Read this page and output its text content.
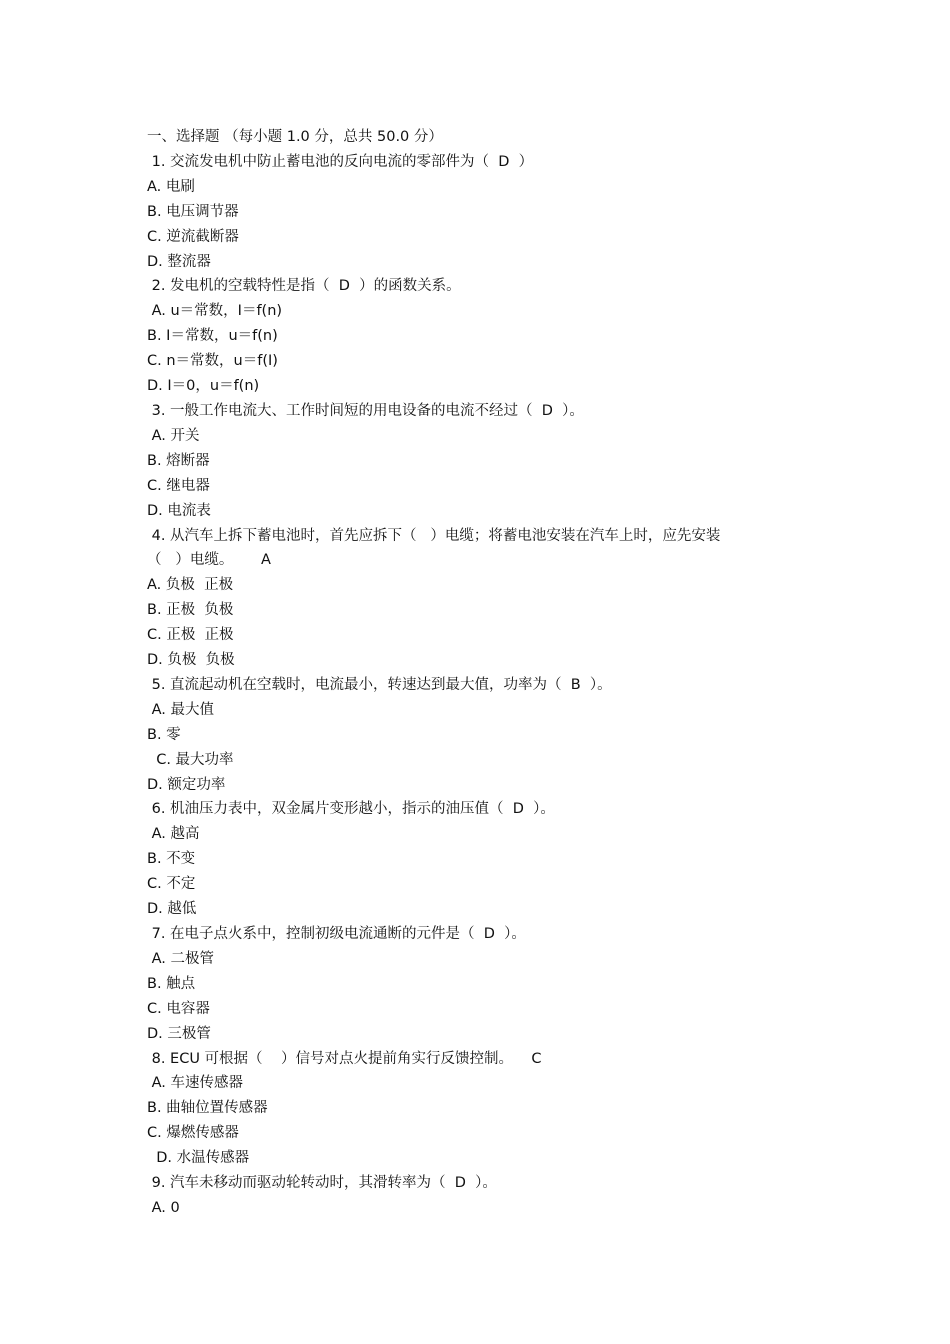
一、选择题 （每小题 1.0 分，总共 50.0 分）

1. 交流发电机中防止蓄电池的反向电流的零部件为（  D  ）

A. 电刷

B. 电压调节器

C. 逆流截断器

D. 整流器

2. 发电机的空载特性是指（  D  ）的函数关系。

A. u＝常数，I＝f(n)

B. I＝常数，u＝f(n)

C. n＝常数，u＝f(I)

D. I＝0，u＝f(n)

3. 一般工作电流大、工作时间短的用电设备的电流不经过（  D  ）。

A. 开关

B. 熔断器

C. 继电器

D. 电流表

4. 从汽车上拆下蓄电池时，首先应拆下（   ）电缆；将蓄电池安装在汽车上时，应先安装

（   ）电缆。      A

A. 负极  正极

B. 正极  负极

C. 正极  正极

D. 负极  负极

5. 直流起动机在空载时，电流最小，转速达到最大值，功率为（  B  ）。

A. 最大值

B. 零

C. 最大功率

D. 额定功率

6. 机油压力表中，双金属片变形越小，指示的油压值（  D  ）。

A. 越高

B. 不变

C. 不定

D. 越低

7. 在电子点火系中，控制初级电流通断的元件是（  D  ）。

A. 二极管

B. 触点

C. 电容器

D. 三极管

8. ECU 可根据（    ）信号对点火提前角实行反馈控制。    C

A. 车速传感器

B. 曲轴位置传感器

C. 爆燃传感器

D. 水温传感器

9. 汽车未移动而驱动轮转动时，其滑转率为（  D  ）。

A. 0
